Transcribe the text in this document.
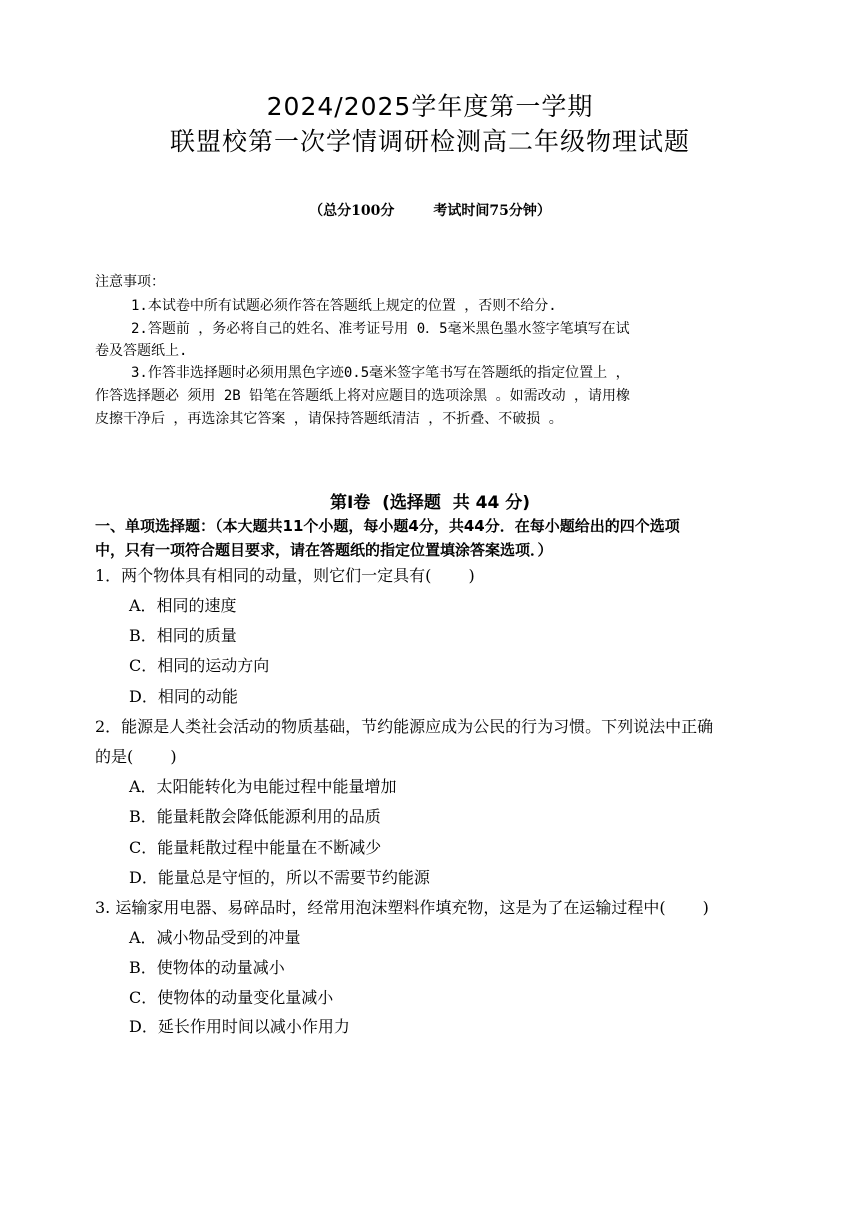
2024/2025学年度第一学期
联盟校第一次学情调研检测高二年级物理试题
（总分100分        考试时间75分钟）
注意事项：
1.本试卷中所有试题必须作答在答题纸上规定的位置 ，否则不给分.
2.答题前 ，务必将自己的姓名、准考证号用 0．5毫米黑色墨水签字笔填写在试
卷及答题纸上.
3.作答非选择题时必须用黑色字迹0.5毫米签字笔书写在答题纸的指定位置上 ，
作答选择题必 须用 2B 铅笔在答题纸上将对应题目的选项涂黑 。如需改动 ，请用橡
皮擦干净后 ，再选涂其它答案 ，请保持答题纸清洁 ，不折叠、不破损 。
第Ⅰ卷  (选择题  共 44 分)
一、单项选择题：（本大题共11个小题，每小题4分，共44分．在每小题给出的四个选项
中，只有一项符合题目要求，请在答题纸的指定位置填涂答案选项．）
1．两个物体具有相同的动量，则它们一定具有(　　 )
A．相同的速度
B．相同的质量
C．相同的运动方向
D．相同的动能
2．能源是人类社会活动的物质基础，节约能源应成为公民的行为习惯。下列说法中正确
的是(　　 )
A．太阳能转化为电能过程中能量增加
B．能量耗散会降低能源利用的品质
C．能量耗散过程中能量在不断减少
D．能量总是守恒的，所以不需要节约能源
3. 运输家用电器、易碎品时，经常用泡沫塑料作填充物，这是为了在运输过程中(　　 )
A．减小物品受到的冲量
B．使物体的动量减小
C．使物体的动量变化量减小
D．延长作用时间以减小作用力
